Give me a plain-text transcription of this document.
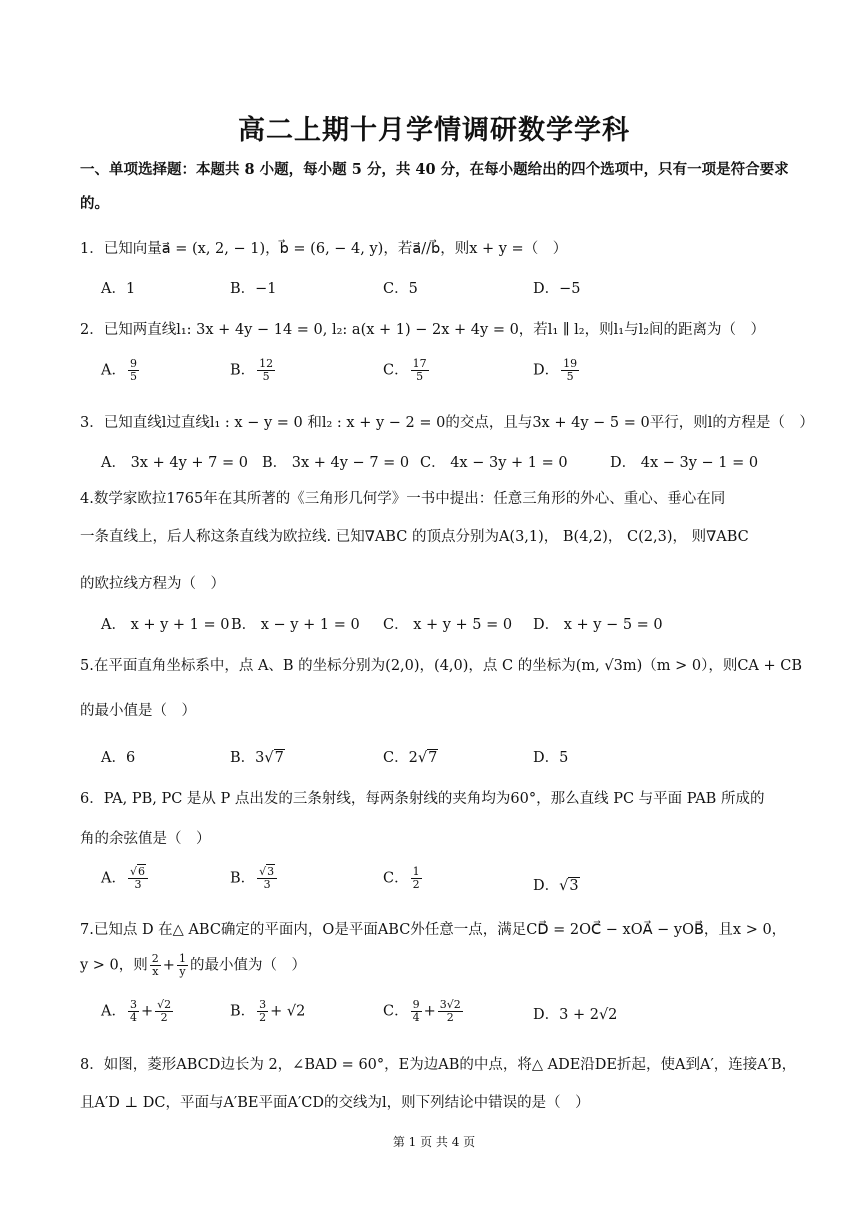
高二上期十月学情调研数学学科
一、单项选择题：本题共 8 小题，每小题 5 分，共 40 分，在每小题给出的四个选项中，只有一项是符合要求的。
1．已知向量a⃗ = (x, 2, − 1)，b⃗ = (6, − 4, y)，若a⃗//b⃗，则x + y =（　）
A．1	B．−1	C．5	D．−5
2．已知两直线l₁: 3x + 4y − 14 = 0, l₂: a(x + 1) − 2x + 4y = 0，若l₁ ∥ l₂，则l₁与l₂间的距离为（　）
A． $\frac{9}{5}$	B． $\frac{12}{5}$	C． $\frac{17}{5}$	D． $\frac{19}{5}$
3．已知直线l过直线l₁ : x − y = 0 和l₂ : x + y − 2 = 0的交点，且与3x + 4y − 5 = 0平行，则l的方程是（　）
A． 3x + 4y + 7 = 0 B． 3x + 4y − 7 = 0 C． 4x − 3y + 1 = 0	D． 4x − 3y − 1 = 0
4.数学家欧拉1765年在其所著的《三角形几何学》一书中提出：任意三角形的外心、重心、垂心在同
一条直线上，后人称这条直线为欧拉线. 已知∇ABC 的顶点分别为A(3,1)， B(4,2)， C(2,3)， 则∇ABC
的欧拉线方程为（　）
A． x + y + 1 = 0 B． x − y + 1 = 0 C． x + y + 5 = 0 D． x + y − 5 = 0
5.在平面直角坐标系中，点 A、B 的坐标分别为(2,0)，(4,0)，点 C 的坐标为(m, √3m)（m > 0），则CA + CB
的最小值是（　）
A．6	B．3√7	C．2√7	D．5
6．PA, PB, PC 是从 P 点出发的三条射线，每两条射线的夹角均为60°，那么直线 PC 与平面 PAB 所成的
角的余弦值是（　）
A． $\frac{√6}{3}$	B． $\frac{√3}{3}$	C． $\frac{1}{2}$	D．√3
7.已知点 D 在△ ABC确定的平面内，O是平面ABC外任意一点，满足CD⃗ = 2OC⃗ − xOA⃗ − yOB⃗，且x > 0，
y > 0，则 $\frac{2}{x} + \frac{1}{y}$ 的最小值为（　）
A． $\frac{3}{4} + \frac{√2}{2}$	B． $\frac{3}{2} + √2$	C． $\frac{9}{4} + \frac{3√2}{2}$	D．3 + 2√2
8．如图，菱形ABCD边长为 2，∠BAD = 60°，E为边AB的中点，将△ ADE沿DE折起，使A到A′，连接A′B，
且A′D ⊥ DC，平面与A′BE平面A′CD的交线为l，则下列结论中错误的是（　）
第 1 页 共 4 页
